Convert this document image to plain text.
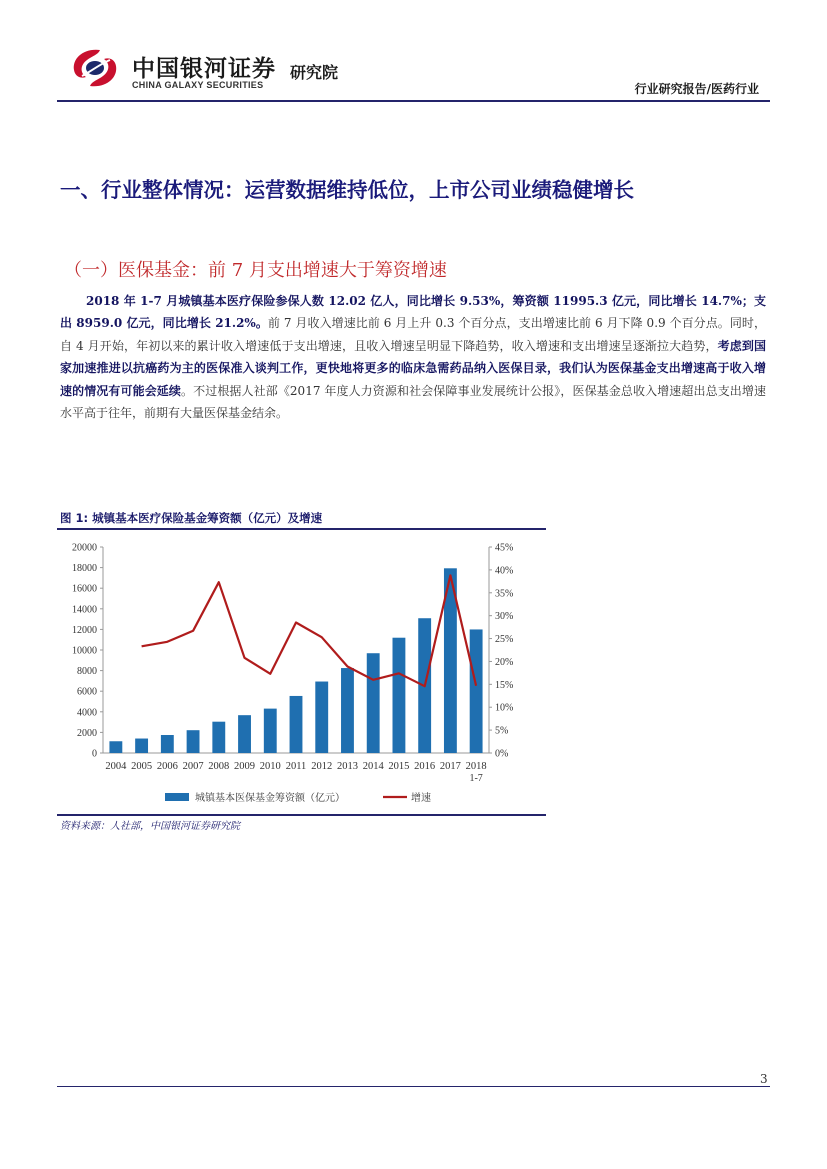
中国银河证券
CHINA GALAXY SECURITIES
研究院
行业研究报告/医药行业
一、行业整体情况：运营数据维持低位，上市公司业绩稳健增长
（一）医保基金：前 7 月支出增速大于筹资增速
2018 年 1-7 月城镇基本医疗保险参保人数 12.02 亿人，同比增长 9.53%，筹资额 11995.3 亿元，同比增长 14.7%；支出 8959.0 亿元，同比增长 21.2%。前 7 月收入增速比前 6 月上升 0.3 个百分点，支出增速比前 6 月下降 0.9 个百分点。同时，自 4 月开始，年初以来的累计收入增速低于支出增速，且收入增速呈明显下降趋势，收入增速和支出增速呈逐渐拉大趋势，考虑到国家加速推进以抗癌药为主的医保准入谈判工作，更快地将更多的临床急需药品纳入医保目录，我们认为医保基金支出增速高于收入增速的情况有可能会延续。不过根据人社部《2017 年度人力资源和社会保障事业发展统计公报》，医保基金总收入增速超出总支出增速水平高于往年，前期有大量医保基金结余。
图 1: 城镇基本医疗保险基金筹资额（亿元）及增速
0
2000
4000
6000
8000
10000
12000
14000
16000
18000
20000
0%
5%
10%
15%
20%
25%
30%
35%
40%
45%
2004 2005 2006 2007 2008 2009 2010 2011 2012 2013 2014 2015 2016 2017 2018
1-7
城镇基本医保基金筹资额（亿元）	增速
资料来源：人社部，中国银河证券研究院
3
